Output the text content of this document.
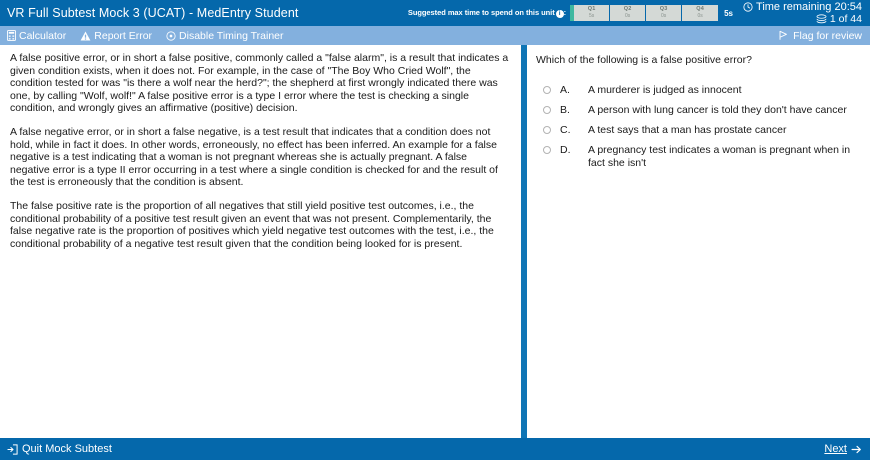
VR Full Subtest Mock 3 (UCAT) - MedEntry Student	Suggested max time to spend on this unit i :	Q1
5s
Q2
0s
Q3
0s
Q4
0s	5s Time remaining 20:54
1 of 44
Calculator	Report Error	Disable Timing Trainer	Flag for review

A false positive error, or in short a false positive, commonly called a "false alarm", is a result that indicates a given condition exists, when it does not. For example, in the case of "The Boy Who Cried Wolf", the condition tested for was "is there a wolf near the herd?"; the shepherd at first wrongly indicated there was one, by calling "Wolf, wolf!" A false positive error is a type I error where the test is checking a single condition, and wrongly gives an affirmative (positive) decision.

A false negative error, or in short a false negative, is a test result that indicates that a condition does not hold, while in fact it does. In other words, erroneously, no effect has been inferred. An example for a false negative is a test indicating that a woman is not pregnant whereas she is actually pregnant. A false negative error is a type II error occurring in a test where a single condition is checked for and the result of the test is erroneously that the condition is absent.

The false positive rate is the proportion of all negatives that still yield positive test outcomes, i.e., the conditional probability of a positive test result given an event that was not present. Complementarily, the false negative rate is the proportion of positives which yield negative test outcomes with the test, i.e., the conditional probability of a negative test result given that the condition being looked for is present.

Which of the following is a false positive error?
A.	A murderer is judged as innocent
B.	A person with lung cancer is told they don't have cancer
C.	A test says that a man has prostate cancer
D.	A pregnancy test indicates a woman is pregnant when in fact she isn't
Quit Mock Subtest	Next
